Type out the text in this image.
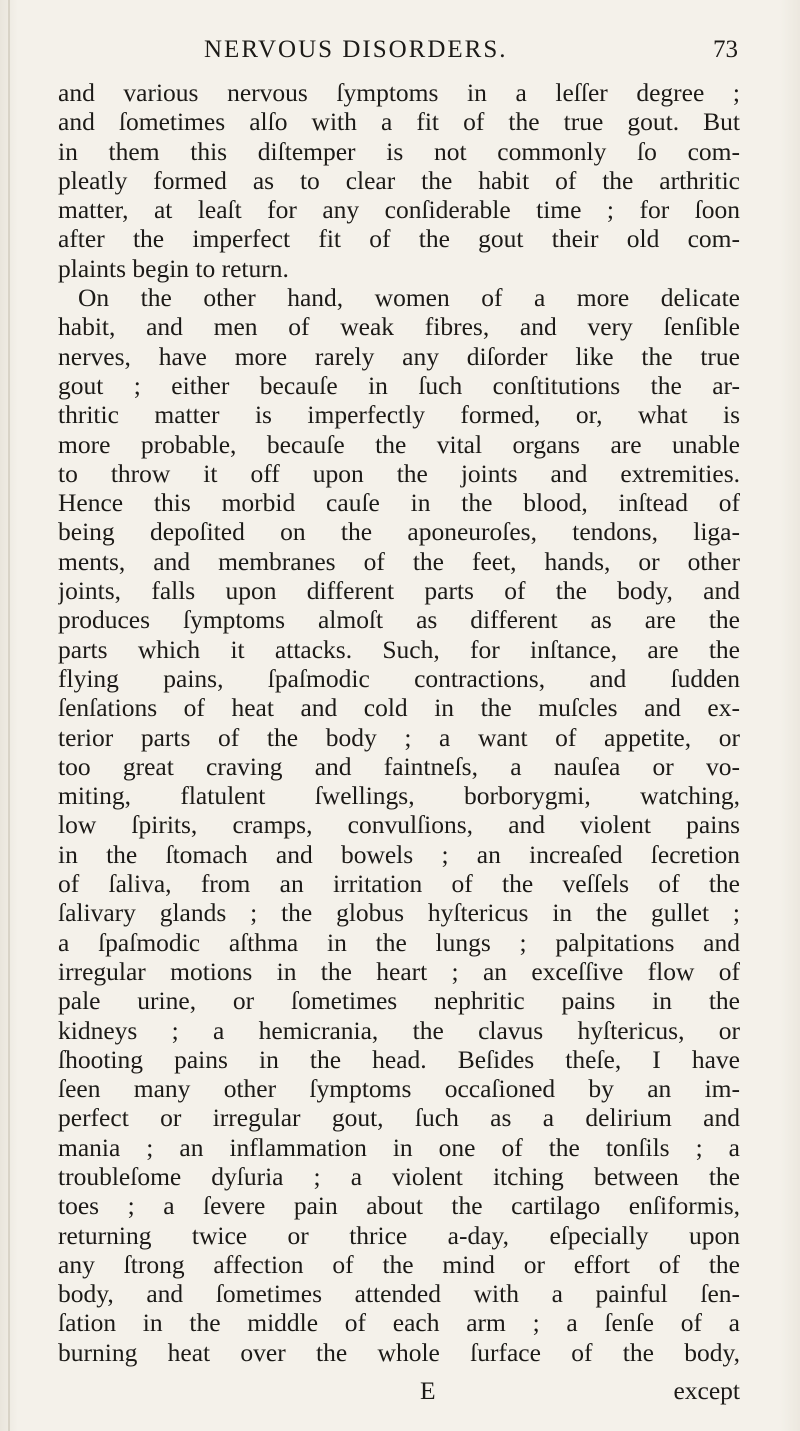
NERVOUS DISORDERS.	73
and various nervous ſymptoms in a leſſer degree ;
and ſometimes alſo with a fit of the true gout. But
in them this diſtemper is not commonly ſo com-
pleatly formed as to clear the habit of the arthritic
matter, at leaſt for any conſiderable time ; for ſoon
after the imperfect fit of the gout their old com-
plaints begin to return.
On the other hand, women of a more delicate
habit, and men of weak fibres, and very ſenſible
nerves, have more rarely any diſorder like the true
gout ; either becauſe in ſuch conſtitutions the ar-
thritic matter is imperfectly formed, or, what is
more probable, becauſe the vital organs are unable
to throw it off upon the joints and extremities.
Hence this morbid cauſe in the blood, inſtead of
being depoſited on the aponeuroſes, tendons, liga-
ments, and membranes of the feet, hands, or other
joints, falls upon different parts of the body, and
produces ſymptoms almoſt as different as are the
parts which it attacks. Such, for inſtance, are the
flying pains, ſpaſmodic contractions, and ſudden
ſenſations of heat and cold in the muſcles and ex-
terior parts of the body ; a want of appetite, or
too great craving and faintneſs, a nauſea or vo-
miting, flatulent ſwellings, borborygmi, watching,
low ſpirits, cramps, convulſions, and violent pains
in the ſtomach and bowels ; an increaſed ſecretion
of ſaliva, from an irritation of the veſſels of the
ſalivary glands ; the globus hyſtericus in the gullet ;
a ſpaſmodic aſthma in the lungs ; palpitations and
irregular motions in the heart ; an exceſſive flow of
pale urine, or ſometimes nephritic pains in the
kidneys ; a hemicrania, the clavus hyſtericus, or
ſhooting pains in the head. Beſides theſe, I have
ſeen many other ſymptoms occaſioned by an im-
perfect or irregular gout, ſuch as a delirium and
mania ; an inflammation in one of the tonſils ; a
troubleſome dyſuria ; a violent itching between the
toes ; a ſevere pain about the cartilago enſiformis,
returning twice or thrice a-day, eſpecially upon
any ſtrong affection of the mind or effort of the
body, and ſometimes attended with a painful ſen-
ſation in the middle of each arm ; a ſenſe of a
burning heat over the whole ſurface of the body,
E	except
